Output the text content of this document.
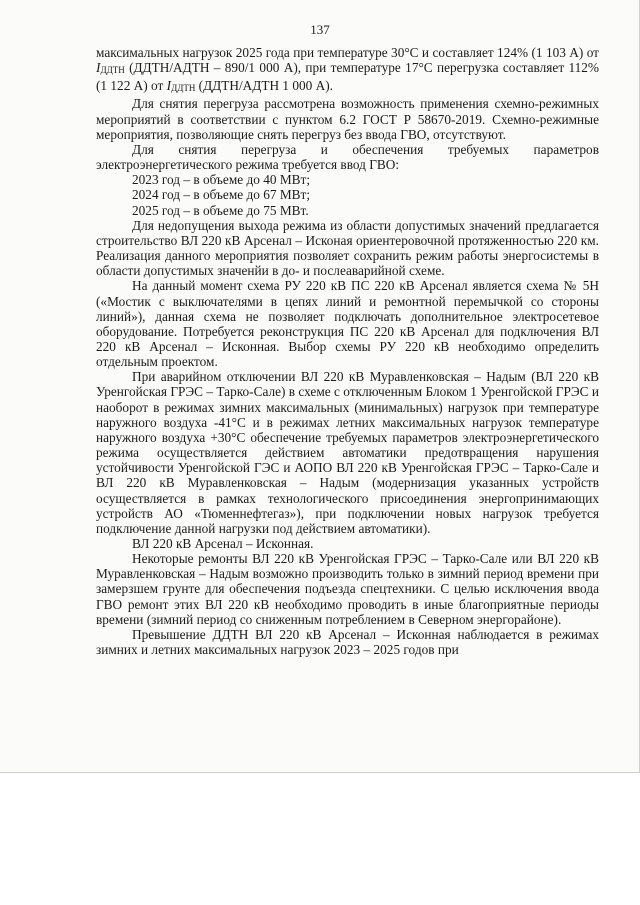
137

максимальных нагрузок 2025 года при температуре 30°С и составляет 124% (1 103 А) от IДДТН (ДДТН/АДТН – 890/1 000 А), при температуре 17°С перегрузка составляет 112% (1 122 А) от IДДТН (ДДТН/АДТН 1 000 А).

Для снятия перегруза рассмотрена возможность применения схемно-режимных мероприятий в соответствии с пунктом 6.2 ГОСТ Р 58670-2019. Схемно-режимные мероприятия, позволяющие снять перегруз без ввода ГВО, отсутствуют.

Для снятия перегруза и обеспечения требуемых параметров электроэнергетического режима требуется ввод ГВО:

2023 год – в объеме до 40 МВт;

2024 год – в объеме до 67 МВт;

2025 год – в объеме до 75 МВт.

Для недопущения выхода режима из области допустимых значений предлагается строительство ВЛ 220 кВ Арсенал – Исконая ориентеровочной протяженностью 220 км. Реализация данного мероприятия позволяет сохранить режим работы энергосистемы в области допустимых значенйи в до- и послеаварийной схеме.

На данный момент схема РУ 220 кВ ПС 220 кВ Арсенал является схема № 5Н («Мостик с выключателями в цепях линий и ремонтной перемычкой со стороны линий»), данная схема не позволяет подключать дополнительное электросетевое оборудование. Потребуется реконструкция ПС 220 кВ Арсенал для подключения ВЛ 220 кВ Арсенал – Исконная. Выбор схемы РУ 220 кВ необходимо определить отдельным проектом.

При аварийном отключении ВЛ 220 кВ Муравленковская – Надым (ВЛ 220 кВ Уренгойская ГРЭС – Тарко-Сале) в схеме с отключенным Блоком 1 Уренгойской ГРЭС и наоборот в режимах зимних максимальных (минимальных) нагрузок при температуре наружного воздуха -41°С и в режимах летних максимальных нагрузок температуре наружного воздуха +30°С обеспечение требуемых параметров электроэнергетического режима осуществляется действием автоматики предотвращения нарушения устойчивости Уренгойской ГЭС и АОПО ВЛ 220 кВ Уренгойская ГРЭС – Тарко-Сале и ВЛ 220 кВ Муравленковская – Надым (модернизация указанных устройств осуществляется в рамках технологического присоединения энергопринимающих устройств АО «Тюменнефтегаз»), при подключении новых нагрузок требуется подключение данной нагрузки под действием автоматики).

ВЛ 220 кВ Арсенал – Исконная.

Некоторые ремонты ВЛ 220 кВ Уренгойская ГРЭС – Тарко-Сале или ВЛ 220 кВ Муравленковская – Надым возможно производить только в зимний период времени при замерзшем грунте для обеспечения подъезда спецтехники. С целью исключения ввода ГВО ремонт этих ВЛ 220 кВ необходимо проводить в иные благоприятные периоды времени (зимний период со сниженным потреблением в Северном энергорайоне).

Превышение ДДТН ВЛ 220 кВ Арсенал – Исконная наблюдается в режимах зимних и летних максимальных нагрузок 2023 – 2025 годов при
